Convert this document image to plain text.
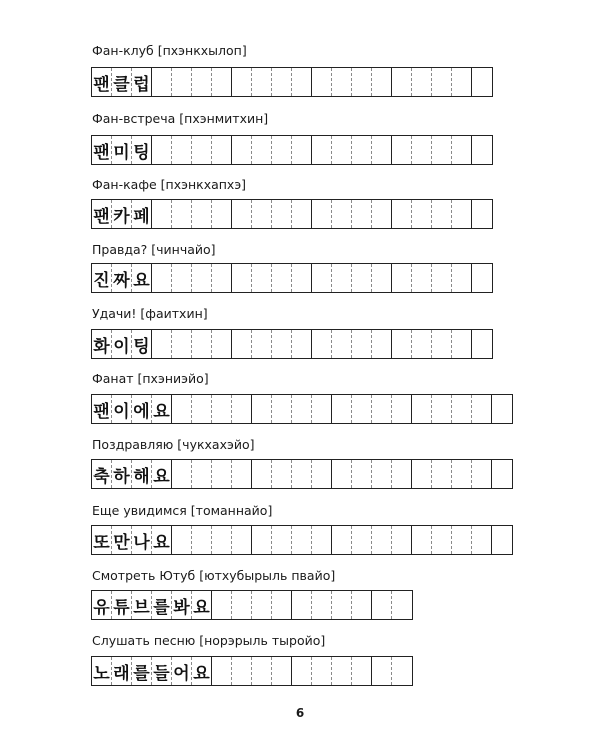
Фан-клуб [пхэнкхылоп]
팬 클 럽
Фан-встреча [пхэнмитхин]
팬 미 팅
Фан-кафе [пхэнкхапхэ]
팬 카 페
Правда? [чинчайо]
진 짜 요
Удачи! [фаитхин]
화 이 팅
Фанат [пхэниэйо]
팬 이 에 요
Поздравляю [чукхахэйо]
축 하 해 요
Еще увидимся [томаннайо]
또 만 나 요
Смотреть Ютуб [ютхубырыль пвайо]
유 튜 브 를 봐 요
Слушать песню [норэрыль тыройо]
노 래 를 들 어 요
6
